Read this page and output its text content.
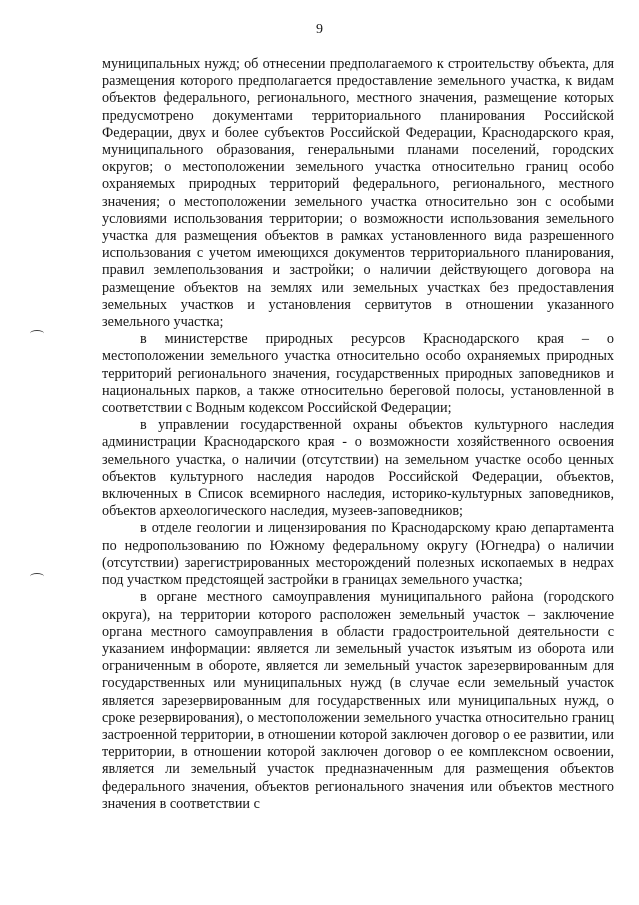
9

муниципальных нужд; об отнесении предполагаемого к строительству объекта, для размещения которого предполагается предоставление земельного участка, к видам объектов федерального, регионального, местного значения, размещение которых предусмотрено документами территориального планирования Российской Федерации, двух и более субъектов Российской Федерации, Краснодарского края, муниципального образования, генеральными планами поселений, городских округов; о местоположении земельного участка относительно границ особо охраняемых природных территорий федерального, регионального, местного значения; о местоположении земельного участка относительно зон с особыми условиями использования территории; о возможности использования земельного участка для размещения объектов в рамках установленного вида разрешенного использования с учетом имеющихся документов территориального планирования, правил землепользования и застройки; о наличии действующего договора на размещение объектов на землях или земельных участках без предоставления земельных участков и установления сервитутов в отношении указанного земельного участка;

в министерстве природных ресурсов Краснодарского края – о местоположении земельного участка относительно особо охраняемых природных территорий регионального значения, государственных природных заповедников и национальных парков, а также относительно береговой полосы, установленной в соответствии с Водным кодексом Российской Федерации;

в управлении государственной охраны объектов культурного наследия администрации Краснодарского края - о возможности хозяйственного освоения земельного участка, о наличии (отсутствии) на земельном участке особо ценных объектов культурного наследия народов Российской Федерации, объектов, включенных в Список всемирного наследия, историко-культурных заповедников, объектов археологического наследия, музеев-заповедников;

в отделе геологии и лицензирования по Краснодарскому краю департамента по недропользованию по Южному федеральному округу (Югнедра) о наличии (отсутствии) зарегистрированных месторождений полезных ископаемых в недрах под участком предстоящей застройки в границах земельного участка;

в органе местного самоуправления муниципального района (городского округа), на территории которого расположен земельный участок – заключение органа местного самоуправления в области градостроительной деятельности с указанием информации: является ли земельный участок изъятым из оборота или ограниченным в обороте, является ли земельный участок зарезервированным для государственных или муниципальных нужд (в случае если земельный участок является зарезервированным для государственных или муниципальных нужд, о сроке резервирования), о местоположении земельного участка относительно границ застроенной территории, в отношении которой заключен договор о ее развитии, или территории, в отношении которой заключен договор о ее комплексном освоении, является ли земельный участок предназначенным для размещения объектов федерального значения, объектов регионального значения или объектов местного значения в соответствии с
